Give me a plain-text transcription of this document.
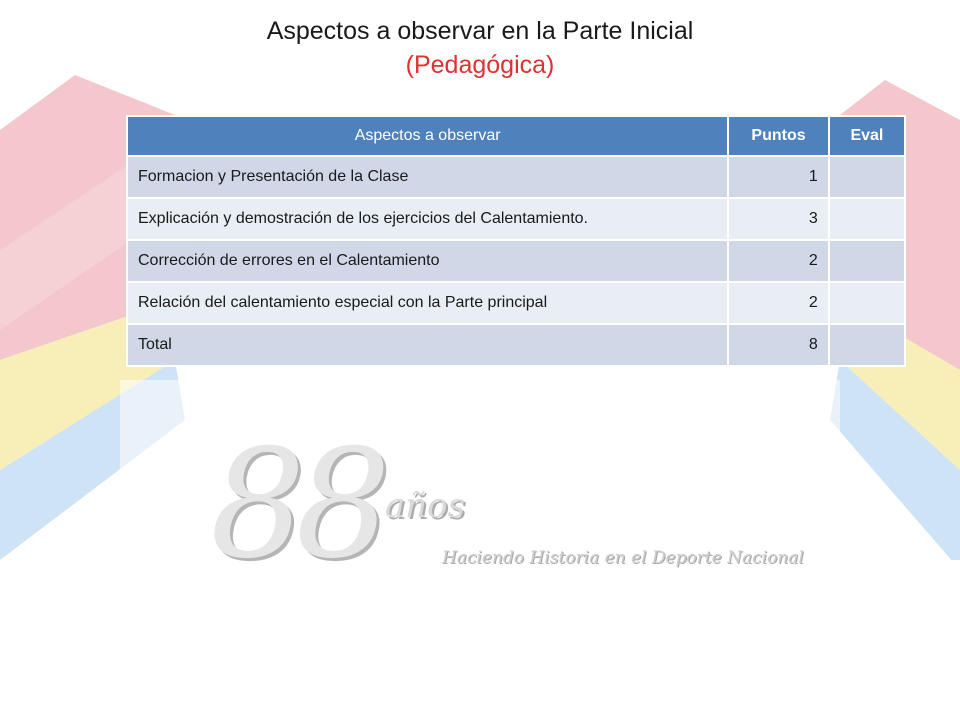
Aspectos a observar en la Parte Inicial
(Pedagógica)
Aspectos a observar	Puntos	Eval
Formacion y Presentación de la Clase	1	
Explicación y demostración de los ejercicios del Calentamiento.	3	
Corrección de errores en el Calentamiento	2	
Relación del calentamiento especial con la Parte principal	2	
Total	8	
88 años
Haciendo Historia en el Deporte Nacional
